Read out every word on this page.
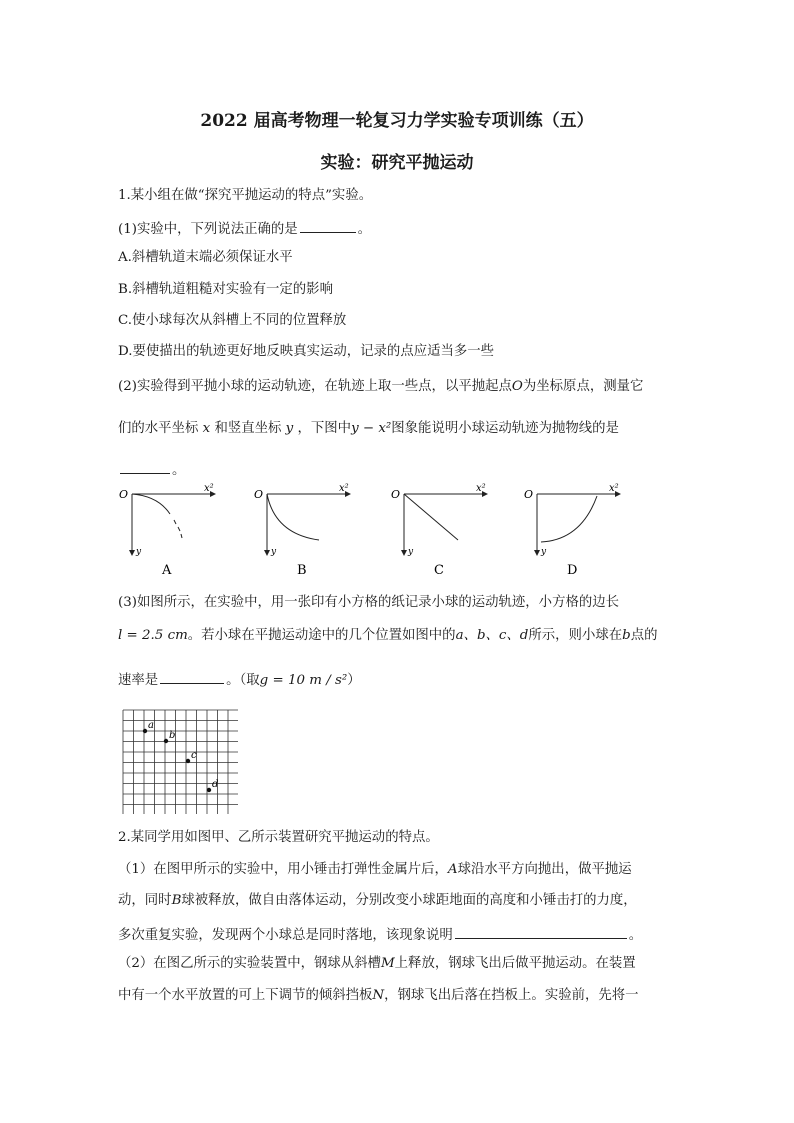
2022 届高考物理一轮复习力学实验专项训练（五）
实验：研究平抛运动
1.某小组在做“探究平抛运动的特点”实验。
(1)实验中，下列说法正确的是	。
A.斜槽轨道末端必须保证水平
B.斜槽轨道粗糙对实验有一定的影响
C.使小球每次从斜槽上不同的位置释放
D.要使描出的轨迹更好地反映真实运动，记录的点应适当多一些
(2)实验得到平抛小球的运动轨迹，在轨迹上取一些点，以平抛起点O为坐标原点，测量它
们的水平坐标 x 和竖直坐标 y ，下图中y − x²图象能说明小球运动轨迹为抛物线的是
。
O	x²
y
A
O	x²
y
B
O	x²
y
C
O	x²
y
D
(3)如图所示，在实验中，用一张印有小方格的纸记录小球的运动轨迹，小方格的边长
l = 2.5 cm。若小球在平抛运动途中的几个位置如图中的a、b、c、d所示，则小球在b点的
速率是	。（取g = 10 m / s²）
a
b
c
d
2.某同学用如图甲、乙所示装置研究平抛运动的特点。
（1）在图甲所示的实验中，用小锤击打弹性金属片后，A球沿水平方向抛出，做平抛运
动，同时B球被释放，做自由落体运动，分别改变小球距地面的高度和小锤击打的力度，
多次重复实验，发现两个小球总是同时落地，该现象说明	。
（2）在图乙所示的实验装置中，钢球从斜槽M上释放，钢球飞出后做平抛运动。在装置
中有一个水平放置的可上下调节的倾斜挡板N，钢球飞出后落在挡板上。实验前，先将一
